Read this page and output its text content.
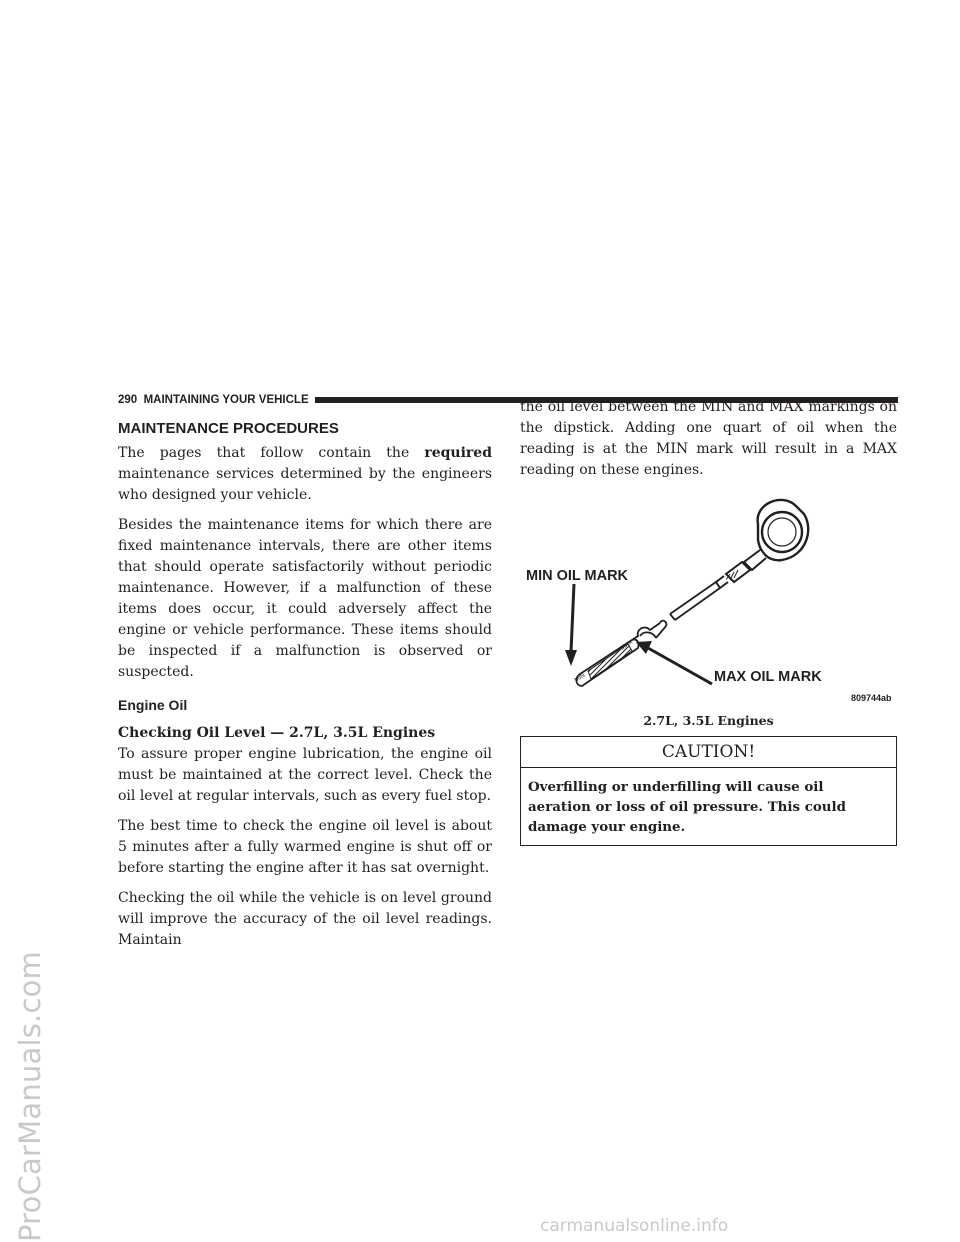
ProCarManuals.com	carmanualsonline.info
290 MAINTAINING YOUR VEHICLE
MAINTENANCE PROCEDURES

The pages that follow contain the required maintenance services determined by the engineers who designed your vehicle.

Besides the maintenance items for which there are fixed maintenance intervals, there are other items that should operate satisfactorily without periodic maintenance. However, if a malfunction of these items does occur, it could adversely affect the engine or vehicle performance. These items should be inspected if a malfunction is observed or suspected.

Engine Oil
Checking Oil Level — 2.7L, 3.5L Engines

To assure proper engine lubrication, the engine oil must be maintained at the correct level. Check the oil level at regular intervals, such as every fuel stop.

The best time to check the engine oil level is about 5 minutes after a fully warmed engine is shut off or before starting the engine after it has sat overnight.

Checking the oil while the vehicle is on level ground will improve the accuracy of the oil level readings. Maintain

the oil level between the MIN and MAX markings on the dipstick. Adding one quart of oil when the reading is at the MIN mark will result in a MAX reading on these engines.

MIN
MAX
MIN OIL MARK
MAX OIL MARK
809744ab
2.7L, 3.5L Engines
CAUTION!
Overfilling or underfilling will cause oil aeration or loss of oil pressure. This could damage your engine.
